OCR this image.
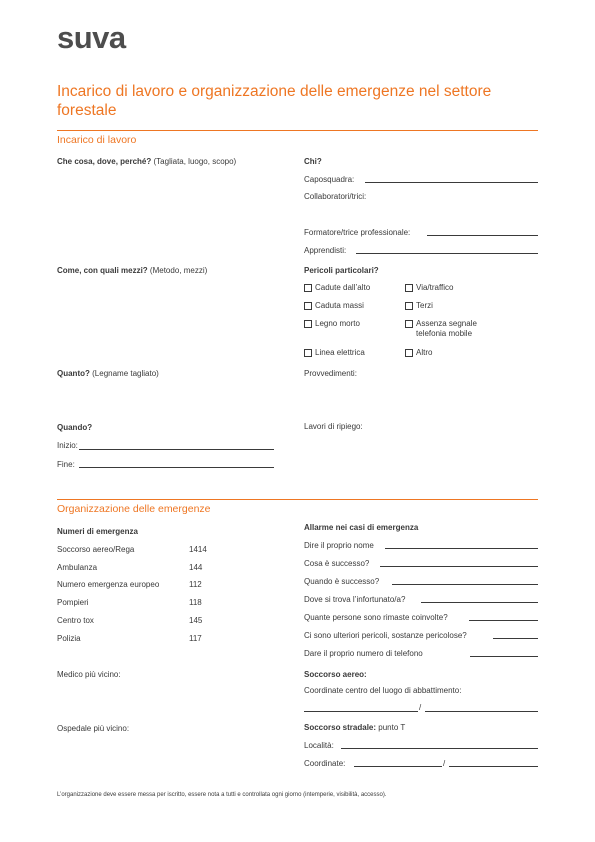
suva
Incarico di lavoro e organizzazione delle emergenze nel settore forestale
Incarico di lavoro
Che cosa, dove, perché? (Tagliata, luogo, scopo)
Come, con quali mezzi? (Metodo, mezzi)
Quanto? (Legname tagliato)
Quando?
Inizio:
Fine:
Chi?
Caposquadra:
Collaboratori/trici:
Formatore/trice professionale:
Apprendisti:
Pericoli particolari?
Cadute dall’alto	Via/traffico
Caduta massi	Terzi
Legno morto	Assenza segnale telefonia mobile
Linea elettrica	Altro
Provvedimenti:
Lavori di ripiego:
Organizzazione delle emergenze
Numeri di emergenza
Soccorso aereo/Rega	1414
Ambulanza	144
Numero emergenza europeo	112
Pompieri	118
Centro tox	145
Polizia	117
Medico più vicino:
Ospedale più vicino:
Allarme nei casi di emergenza
Dire il proprio nome
Cosa è successo?
Quando è successo?
Dove si trova l’infortunato/a?
Quante persone sono rimaste coinvolte?
Ci sono ulteriori pericoli, sostanze pericolose?
Dare il proprio numero di telefono
Soccorso aereo:
Coordinate centro del luogo di abbattimento:
/
Soccorso stradale: punto T
Località:
Coordinate:	/
L’organizzazione deve essere messa per iscritto, essere nota a tutti e controllata ogni giorno (intemperie, visibilità, accesso).
